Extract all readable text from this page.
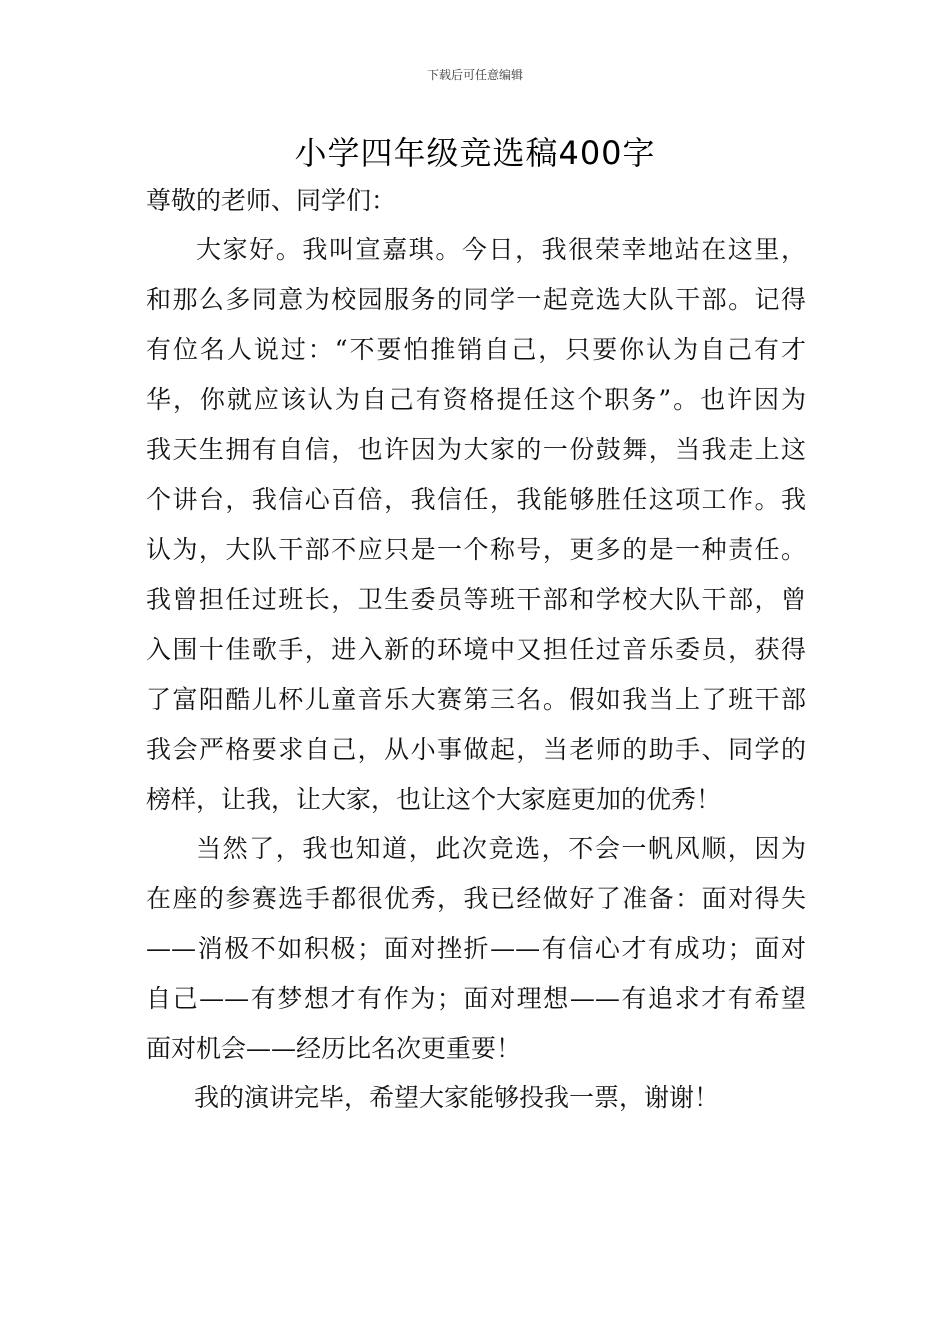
下载后可任意编辑
小学四年级竞选稿400字
尊敬的老师、同学们：
大家好。我叫宣嘉琪。今日，我很荣幸地站在这里，
和那么多同意为校园服务的同学一起竞选大队干部。记得
有位名人说过：“不要怕推销自己，只要你认为自己有才
华，你就应该认为自己有资格提任这个职务”。也许因为
我天生拥有自信，也许因为大家的一份鼓舞，当我走上这
个讲台，我信心百倍，我信任，我能够胜任这项工作。我
认为，大队干部不应只是一个称号，更多的是一种责任。
我曾担任过班长，卫生委员等班干部和学校大队干部，曾
入围十佳歌手，进入新的环境中又担任过音乐委员，获得
了富阳酷儿杯儿童音乐大赛第三名。假如我当上了班干部
我会严格要求自己，从小事做起，当老师的助手、同学的
榜样，让我，让大家，也让这个大家庭更加的优秀！
当然了，我也知道，此次竞选，不会一帆风顺，因为
在座的参赛选手都很优秀，我已经做好了准备：面对得失
——消极不如积极；面对挫折——有信心才有成功；面对
自己——有梦想才有作为；面对理想——有追求才有希望
面对机会——经历比名次更重要！
我的演讲完毕，希望大家能够投我一票，谢谢！
